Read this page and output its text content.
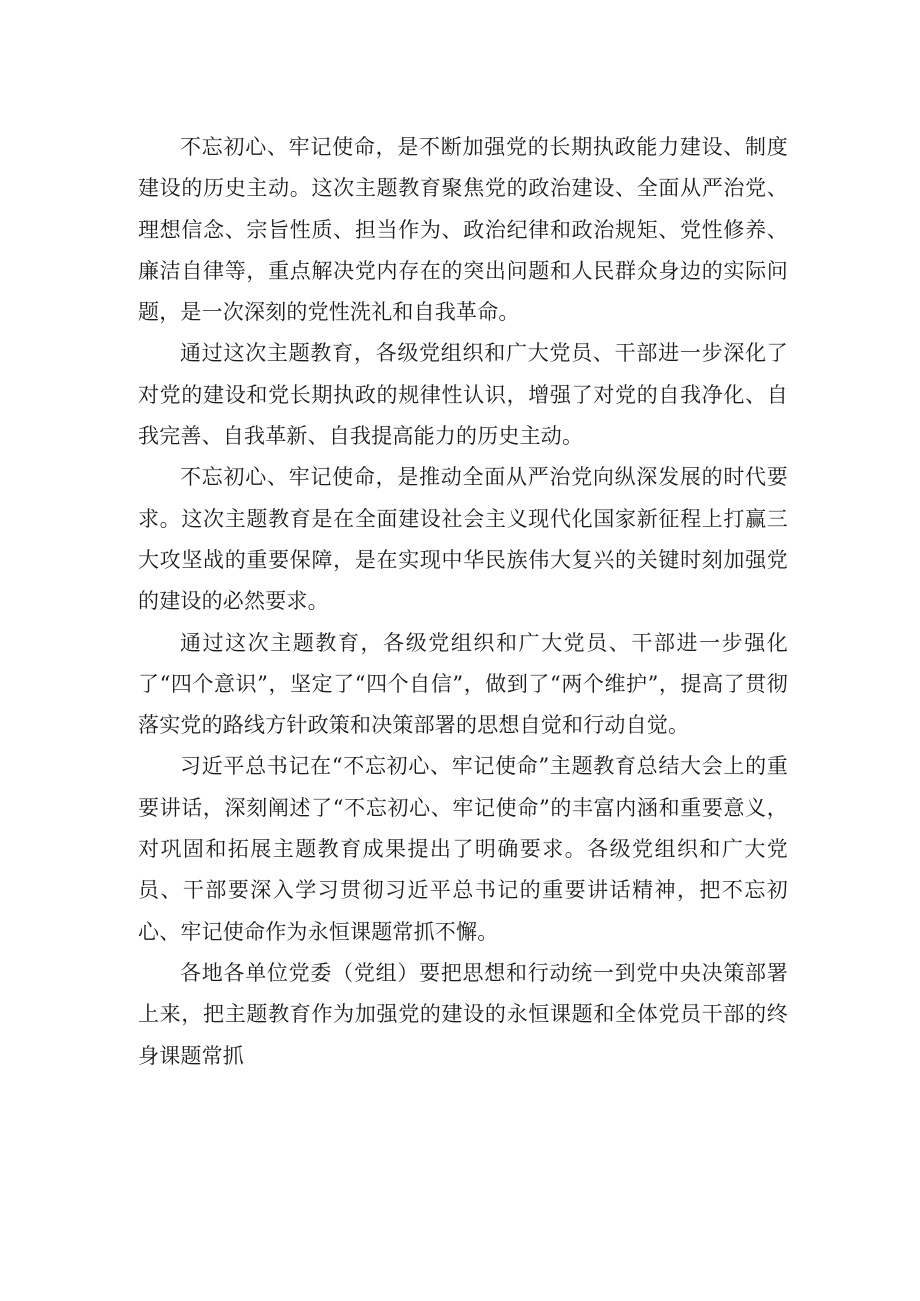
不忘初心、牢记使命，是不断加强党的长期执政能力建设、制度建设的历史主动。这次主题教育聚焦党的政治建设、全面从严治党、理想信念、宗旨性质、担当作为、政治纪律和政治规矩、党性修养、廉洁自律等，重点解决党内存在的突出问题和人民群众身边的实际问题，是一次深刻的党性洗礼和自我革命。

通过这次主题教育，各级党组织和广大党员、干部进一步深化了对党的建设和党长期执政的规律性认识，增强了对党的自我净化、自我完善、自我革新、自我提高能力的历史主动。

不忘初心、牢记使命，是推动全面从严治党向纵深发展的时代要求。这次主题教育是在全面建设社会主义现代化国家新征程上打赢三大攻坚战的重要保障，是在实现中华民族伟大复兴的关键时刻加强党的建设的必然要求。

通过这次主题教育，各级党组织和广大党员、干部进一步强化了“四个意识”，坚定了“四个自信”，做到了“两个维护”，提高了贯彻落实党的路线方针政策和决策部署的思想自觉和行动自觉。

习近平总书记在“不忘初心、牢记使命”主题教育总结大会上的重要讲话，深刻阐述了“不忘初心、牢记使命”的丰富内涵和重要意义，对巩固和拓展主题教育成果提出了明确要求。各级党组织和广大党员、干部要深入学习贯彻习近平总书记的重要讲话精神，把不忘初心、牢记使命作为永恒课题常抓不懈。

各地各单位党委（党组）要把思想和行动统一到党中央决策部署上来，把主题教育作为加强党的建设的永恒课题和全体党员干部的终身课题常抓
